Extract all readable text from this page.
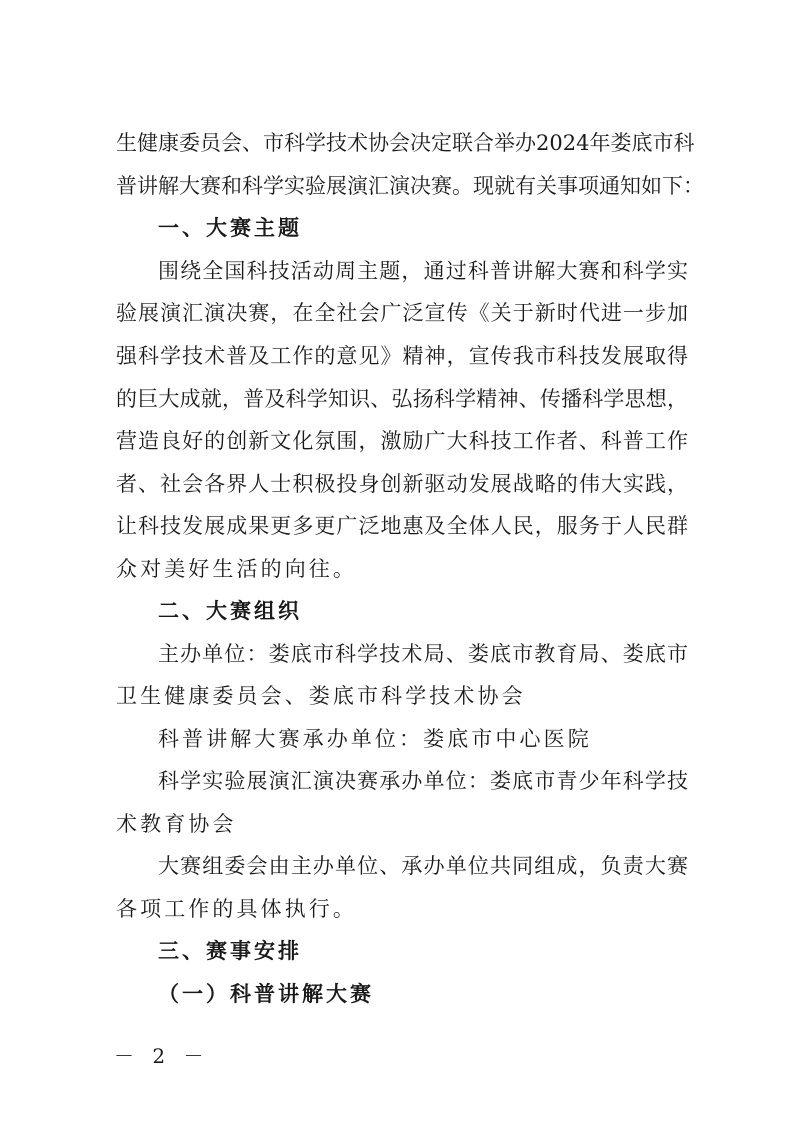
生健康委员会、市科学技术协会决定联合举办2024年娄底市科
普讲解大赛和科学实验展演汇演决赛。现就有关事项通知如下：
一、大赛主题
围绕全国科技活动周主题，通过科普讲解大赛和科学实
验展演汇演决赛，在全社会广泛宣传《关于新时代进一步加
强科学技术普及工作的意见》精神，宣传我市科技发展取得
的巨大成就，普及科学知识、弘扬科学精神、传播科学思想，
营造良好的创新文化氛围，激励广大科技工作者、科普工作
者、社会各界人士积极投身创新驱动发展战略的伟大实践，
让科技发展成果更多更广泛地惠及全体人民，服务于人民群
众对美好生活的向往。
二、大赛组织
主办单位：娄底市科学技术局、娄底市教育局、娄底市
卫生健康委员会、娄底市科学技术协会
科普讲解大赛承办单位：娄底市中心医院
科学实验展演汇演决赛承办单位：娄底市青少年科学技
术教育协会
大赛组委会由主办单位、承办单位共同组成，负责大赛
各项工作的具体执行。
三、赛事安排
（一）科普讲解大赛
－ 2 －
